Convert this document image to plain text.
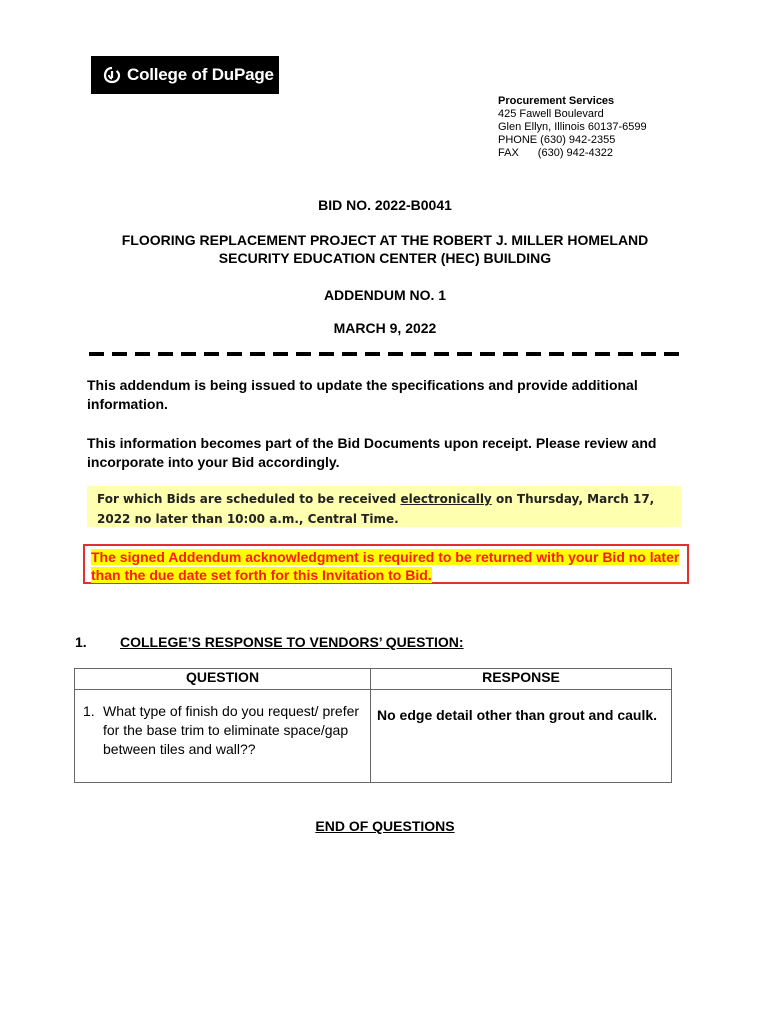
College of DuPage
Procurement Services
425 Fawell Boulevard
Glen Ellyn, Illinois 60137-6599
PHONE (630) 942-2355
FAX (630) 942-4322
BID NO. 2022-B0041
FLOORING REPLACEMENT PROJECT AT THE ROBERT J. MILLER HOMELAND
SECURITY EDUCATION CENTER (HEC) BUILDING
ADDENDUM NO. 1
MARCH 9, 2022
This addendum is being issued to update the specifications and provide additional information.
This information becomes part of the Bid Documents upon receipt. Please review and incorporate into your Bid accordingly.
For which Bids are scheduled to be received electronically on Thursday, March 17, 2022 no later than 10:00 a.m., Central Time.
The signed Addendum acknowledgment is required to be returned with your Bid no later than the due date set forth for this Invitation to Bid.
1. COLLEGE’S RESPONSE TO VENDORS’ QUESTION:
QUESTION	RESPONSE

1. What type of finish do you request/ prefer for the base trim to eliminate space/gap between tiles and wall??	No edge detail other than grout and caulk.
END OF QUESTIONS
